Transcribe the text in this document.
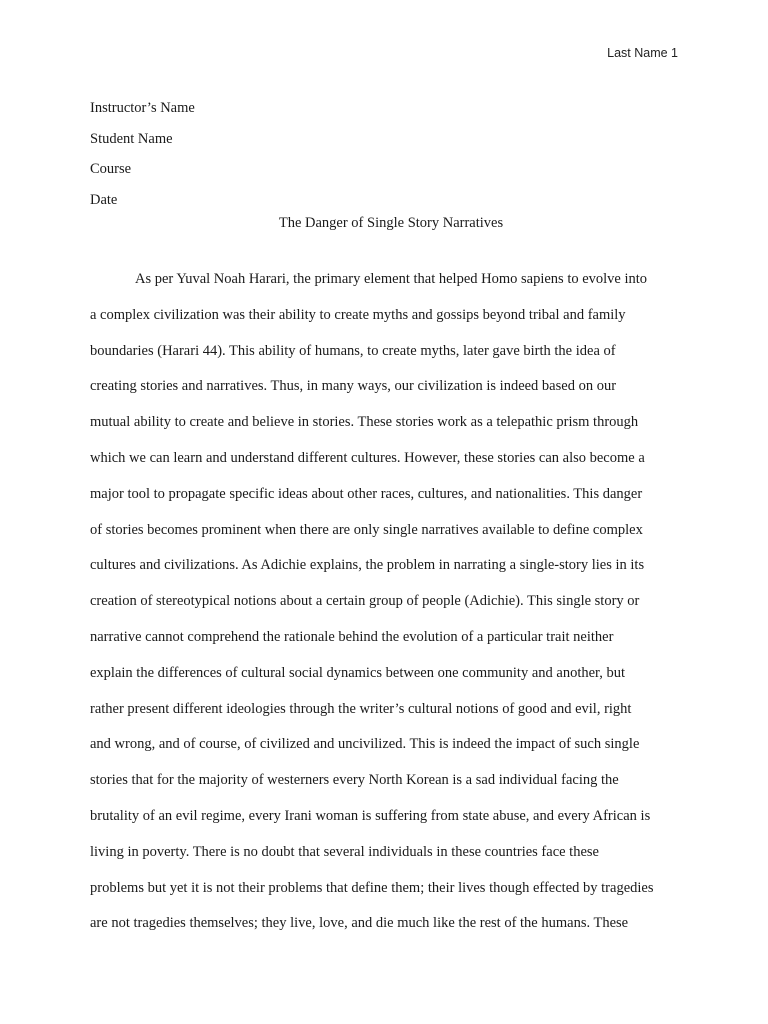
Last Name 1
Instructor’s Name
Student Name
Course
Date
The Danger of Single Story Narratives
As per Yuval Noah Harari, the primary element that helped Homo sapiens to evolve into
a complex civilization was their ability to create myths and gossips beyond tribal and family
boundaries (Harari 44). This ability of humans, to create myths, later gave birth the idea of
creating stories and narratives. Thus, in many ways, our civilization is indeed based on our
mutual ability to create and believe in stories. These stories work as a telepathic prism through
which we can learn and understand different cultures. However, these stories can also become a
major tool to propagate specific ideas about other races, cultures, and nationalities. This danger
of stories becomes prominent when there are only single narratives available to define complex
cultures and civilizations. As Adichie explains, the problem in narrating a single-story lies in its
creation of stereotypical notions about a certain group of people (Adichie). This single story or
narrative cannot comprehend the rationale behind the evolution of a particular trait neither
explain the differences of cultural social dynamics between one community and another, but
rather present different ideologies through the writer’s cultural notions of good and evil, right
and wrong, and of course, of civilized and uncivilized. This is indeed the impact of such single
stories that for the majority of westerners every North Korean is a sad individual facing the
brutality of an evil regime, every Irani woman is suffering from state abuse, and every African is
living in poverty. There is no doubt that several individuals in these countries face these
problems but yet it is not their problems that define them; their lives though effected by tragedies
are not tragedies themselves; they live, love, and die much like the rest of the humans. These
